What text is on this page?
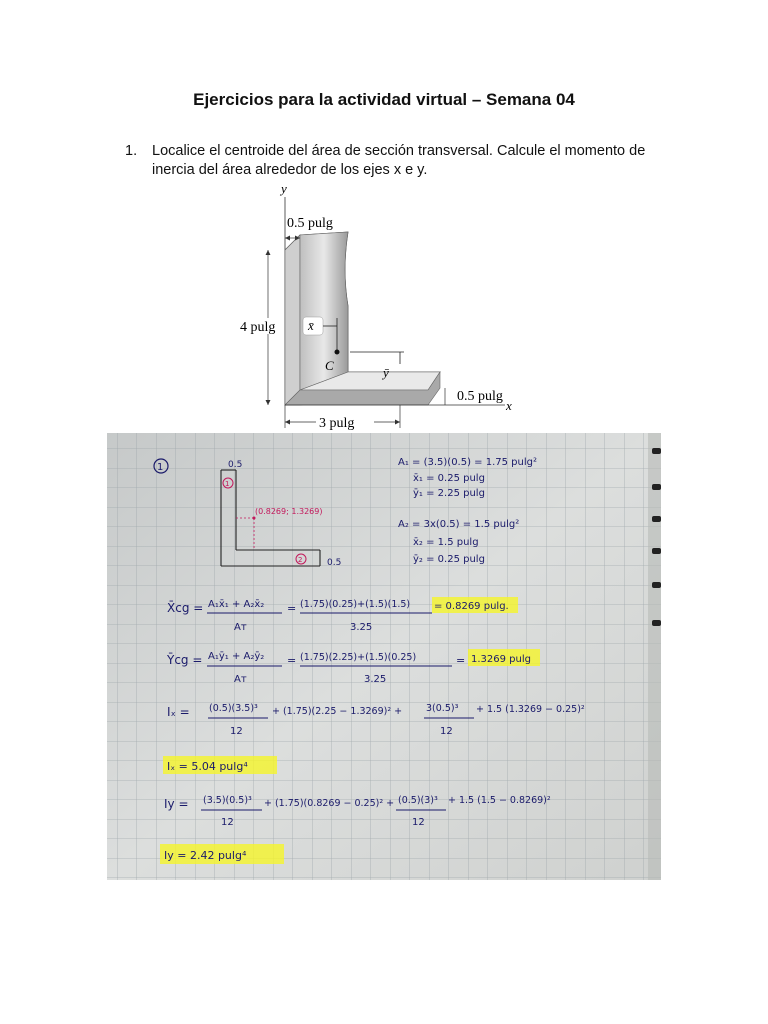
Ejercicios para la actividad virtual – Semana 04
1. Localice el centroide del área de sección transversal. Calcule el momento de inercia del área alrededor de los ejes x e y.
y
x
0.5 pulg
4 pulg	x̄
C	ȳ
0.5 pulg
3 pulg
1	0.5
0.5
1
2
(0.8269; 1.3269)
A₁ = (3.5)(0.5) = 1.75 pulg²
x̄₁ = 0.25 pulg
ȳ₁ = 2.25 pulg
A₂ = 3x(0.5) = 1.5 pulg²
x̄₂ = 1.5 pulg
ȳ₂ = 0.25 pulg
X̄cg = A₁x̄₁ + A₂x̄₂
Aᴛ
= (1.75)(0.25)+(1.5)(1.5)
3.25
= 0.8269 pulg.
Ȳcg = A₁ȳ₁ + A₂ȳ₂
Aᴛ
= (1.75)(2.25)+(1.5)(0.25)
3.25
= 1.3269 pulg
Iₓ = (0.5)(3.5)³
12
+ (1.75)(2.25 − 1.3269)² +	3(0.5)³
12
+ 1.5 (1.3269 − 0.25)²
Iₓ = 5.04 pulg⁴
Iy = (3.5)(0.5)³
12
+ (1.75)(0.8269 − 0.25)² + (0.5)(3)³
12
+ 1.5 (1.5 − 0.8269)²
Iy = 2.42 pulg⁴
